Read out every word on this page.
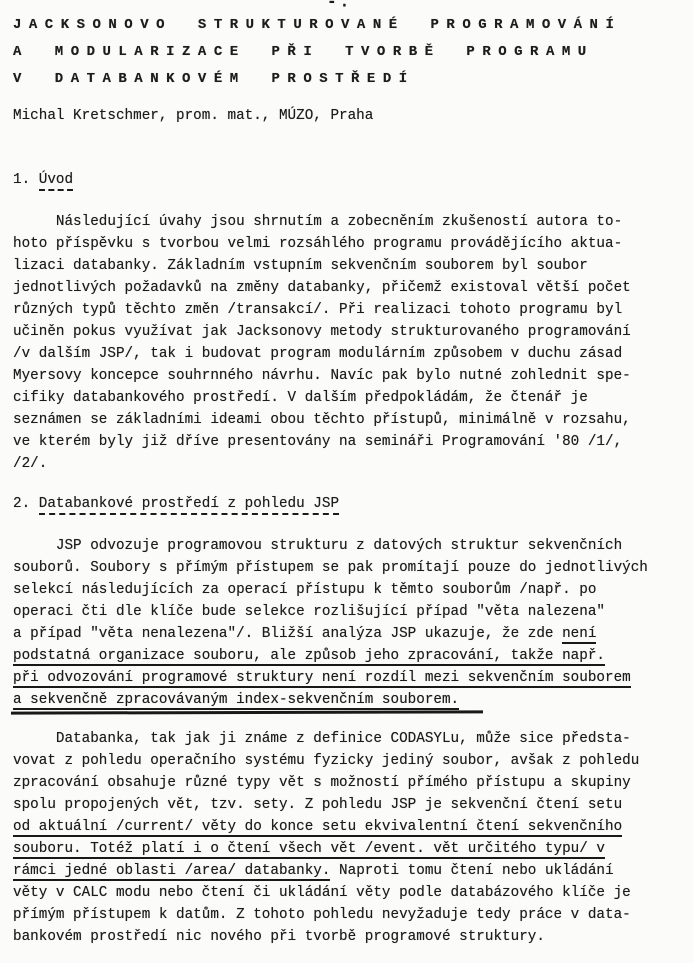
-.
JACKSONOVO STRUKTUROVANÉ PROGRAMOVÁNÍ
A MODULARIZACE PŘI TVORBĚ PROGRAMU
V DATABANKOVÉM PROSTŘEDÍ
Michal Kretschmer, prom. mat., MÚZO, Praha
1. Úvod
Následující úvahy jsou shrnutím a zobecněním zkušeností autora to-
hoto příspěvku s tvorbou velmi rozsáhlého programu provádějícího aktua-
lizaci databanky. Základním vstupním sekvenčním souborem byl soubor
jednotlivých požadavků na změny databanky, přičemž existoval větší počet
různých typů těchto změn /transakcí/. Při realizaci tohoto programu byl
učiněn pokus využívat jak Jacksonovy metody strukturovaného programování
/v dalším JSP/, tak i budovat program modulárním způsobem v duchu zásad
Myersovy koncepce souhrnného návrhu. Navíc pak bylo nutné zohlednit spe-
cifiky databankového prostředí. V dalším předpokládám, že čtenář je
seznámen se základními ideami obou těchto přístupů, minimálně v rozsahu,
ve kterém byly již dříve presentovány na semináři Programování '80 /1/,
/2/.
2. Databankové prostředí z pohledu JSP
JSP odvozuje programovou strukturu z datových struktur sekvenčních
souborů. Soubory s přímým přístupem se pak promítají pouze do jednotlivých
selekcí následujících za operací přístupu k těmto souborům /např. po
operaci čti dle klíče bude selekce rozlišující případ "věta nalezena"
a případ "věta nenalezena"/. Bližší analýza JSP ukazuje, že zde není
podstatná organizace souboru, ale způsob jeho zpracování, takže např.
při odvozování programové struktury není rozdíl mezi sekvenčním souborem
a sekvenčně zpracovávaným index-sekvenčním souborem.
Databanka, tak jak ji známe z definice CODASYLu, může sice předsta-
vovat z pohledu operačního systému fyzicky jediný soubor, avšak z pohledu
zpracování obsahuje různé typy vět s možností přímého přístupu a skupiny
spolu propojených vět, tzv. sety. Z pohledu JSP je sekvenční čtení setu
od aktuální /current/ věty do konce setu ekvivalentní čtení sekvenčního
souboru. Totéž platí i o čtení všech vět /event. vět určitého typu/ v
rámci jedné oblasti /area/ databanky. Naproti tomu čtení nebo ukládání
věty v CALC modu nebo čtení či ukládání věty podle databázového klíče je
přímým přístupem k datům. Z tohoto pohledu nevyžaduje tedy práce v data-
bankovém prostředí nic nového při tvorbě programové struktury.
